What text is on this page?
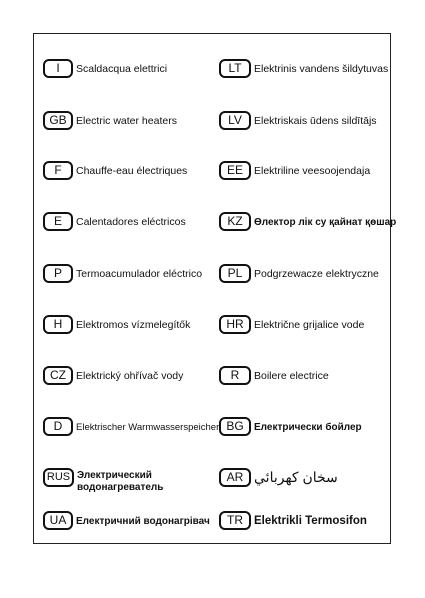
I	Scaldacqua elettrici
GB Electric water heaters
F	Chauffe-eau électriques
E	Calentadores eléctricos
P	Termoacumulador eléctrico
H	Elektromos vízmelegítők
CZ Elektrický ohřívač vody
D	Elektrischer Warmwasserspeicher
RUS Электрический водонагреватель
UA Електричний водонагрівач
LT	Elektrinis vandens šildytuvas
LV	Elektriskais ūdens sildītājs
EE	Elektriline veesoojendaja
KZ	Өлектор лік су қайнат қөшар
PL	Podgrzewacze elektryczne
HR Električne grijalice vode
R	Boilere electrice
BG	Електрически бойлер
AR سخان كهربائي
TR Elektrikli Termosifon
